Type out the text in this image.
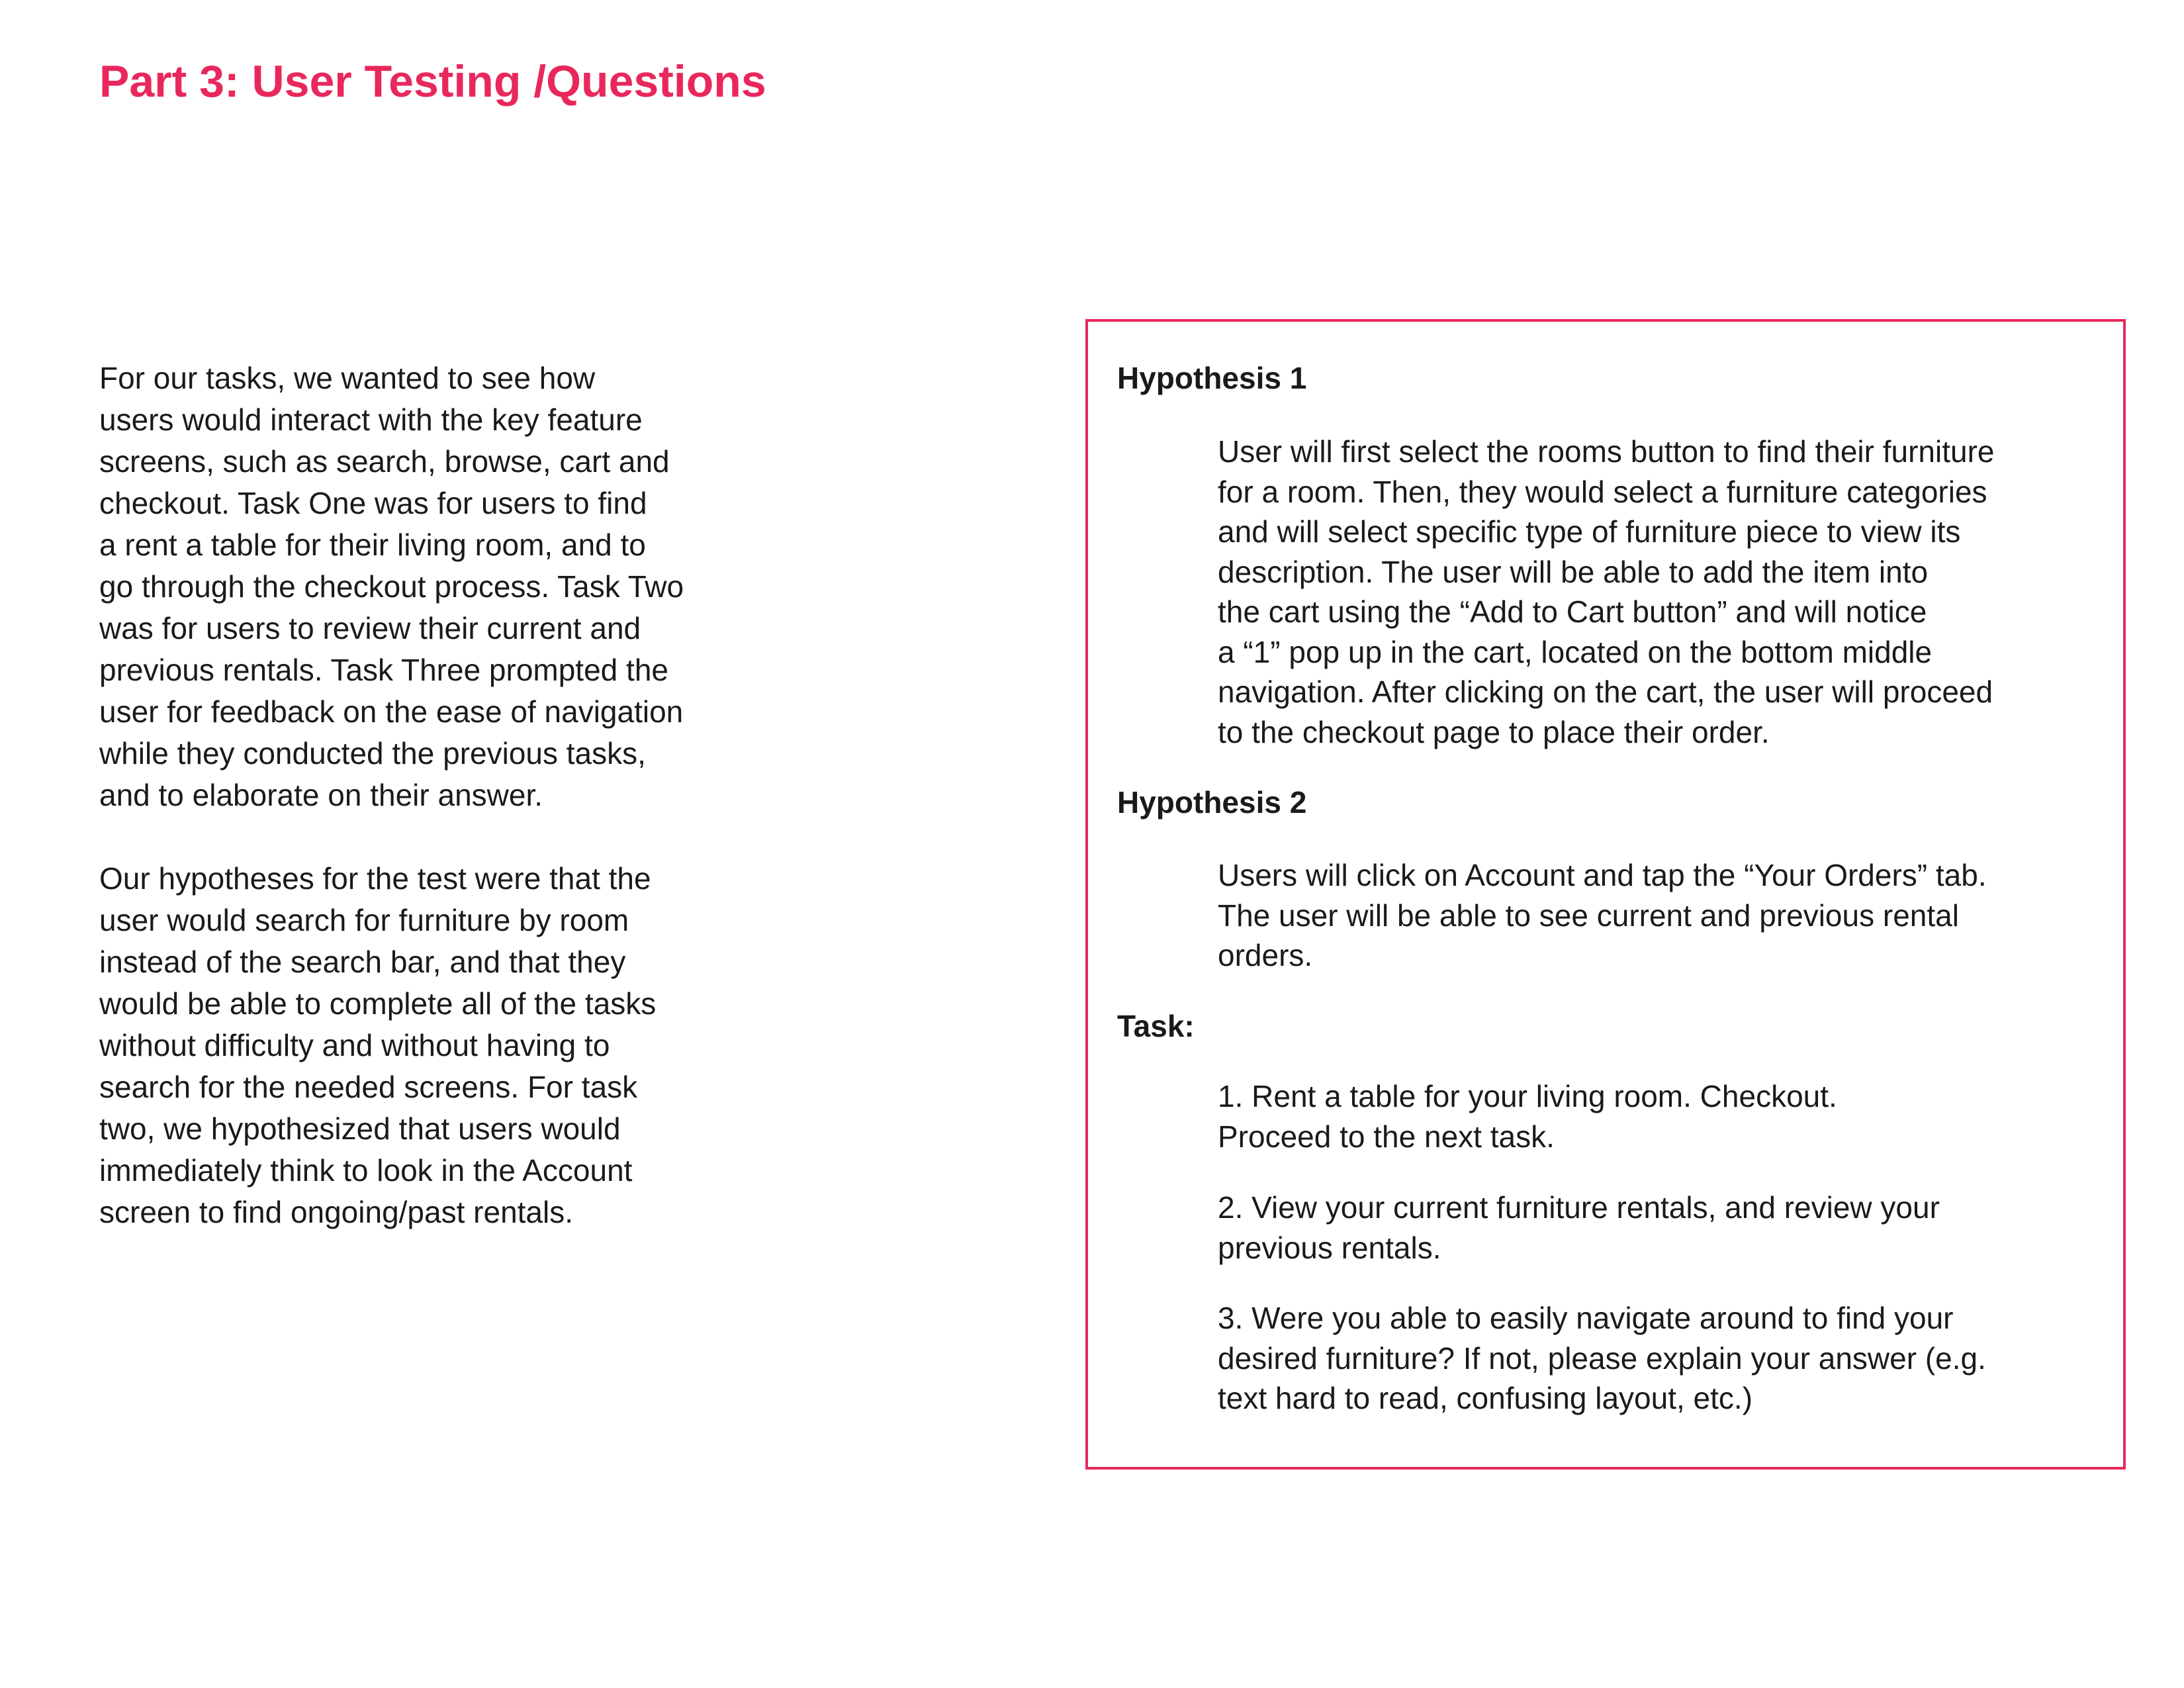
Part 3: User Testing /Questions

For our tasks, we wanted to see how
users would interact with the key feature
screens, such as search, browse, cart and
checkout. Task One was for users to find
a rent a table for their living room, and to
go through the checkout process. Task Two
was for users to review their current and
previous rentals. Task Three prompted the
user for feedback on the ease of navigation
while they conducted the previous tasks,
and to elaborate on their answer.

Our hypotheses for the test were that the
user would search for furniture by room
instead of the search bar, and that they
would be able to complete all of the tasks
without difficulty and without having to
search for the needed screens. For task
two, we hypothesized that users would
immediately think to look in the Account
screen to find ongoing/past rentals.

Hypothesis 1

User will first select the rooms button to find their furniture
for a room. Then, they would select a furniture categories
and will select specific type of furniture piece to view its
description. The user will be able to add the item into
the cart using the “Add to Cart button” and will notice
a “1” pop up in the cart, located on the bottom middle
navigation. After clicking on the cart, the user will proceed
to the checkout page to place their order.

Hypothesis 2

Users will click on Account and tap the “Your Orders” tab.
The user will be able to see current and previous rental
orders.

Task:

1. Rent a table for your living room. Checkout.
Proceed to the next task.

2. View your current furniture rentals, and review your
previous rentals.

3. Were you able to easily navigate around to find your
desired furniture? If not, please explain your answer (e.g.
text hard to read, confusing layout, etc.)
